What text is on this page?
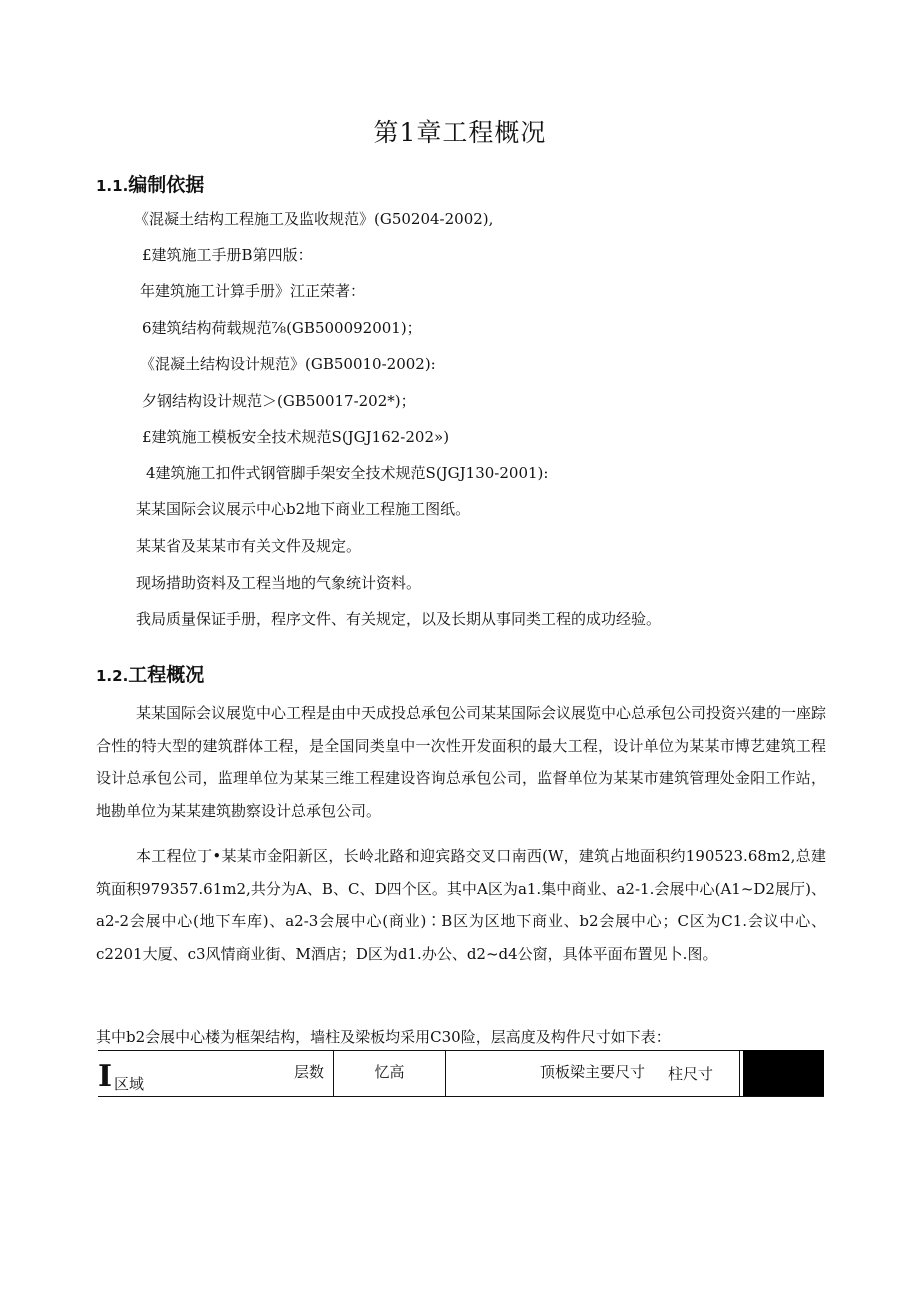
第1章工程概况
1.1.编制依据
《混凝土结构工程施工及监收规范》(G50204-2002),
£建筑施工手册B第四版：
年建筑施工计算手册》江正荣著：
6建筑结构荷载规范⅞(GB500092001)；
《混凝土结构设计规范》(GB50010-2002):
夕钢结构设计规范＞(GB50017-202*)；
£建筑施工模板安全技术规范S(JGJ162-202»)
4建筑施工扣件式钢管脚手架安全技术规范S(JGJ130-2001):
某某国际会议展示中心b2地下商业工程施工图纸。
某某省及某某市有关文件及规定。
现场措助资料及工程当地的气象统计资料。
我局质量保证手册，程序文件、有关规定，以及长期从事同类工程的成功经验。
1.2.工程概况

某某国际会议展览中心工程是由中天成投总承包公司某某国际会议展览中心总承包公司投资兴建的一座踪合性的特大型的建筑群体工程，是全国同类皇中一次性开发面积的最大工程，设计单位为某某市博艺建筑工程设计总承包公司，监理单位为某某三维工程建设咨询总承包公司，监督单位为某某市建筑管理处金阳工作站，地勘单位为某某建筑勘察设计总承包公司。

本工程位丁•某某市金阳新区，长岭北路和迎宾路交叉口南西(W，建筑占地面积约190523.68m2,总建筑面积979357.61m2,共分为A、B、C、D四个区。其中A区为a1.集中商业、a2-1.会展中心(A1~D2展厅)、a2-2会展中心(地下车库)、a2-3会展中心(商业)∶B区为区地下商业、b2会展中心；C区为C1.会议中心、c2201大厦、c3风情商业街、M酒店；D区为d1.办公、d2~d4公窗，具体平面布置见卜.图。

其中b2会展中心楼为框架结构，墙柱及梁板均采用C30险，层高度及构件尺寸如下表：

I 区域
层数	忆高	顶板梁主要尺寸 柱尺寸
